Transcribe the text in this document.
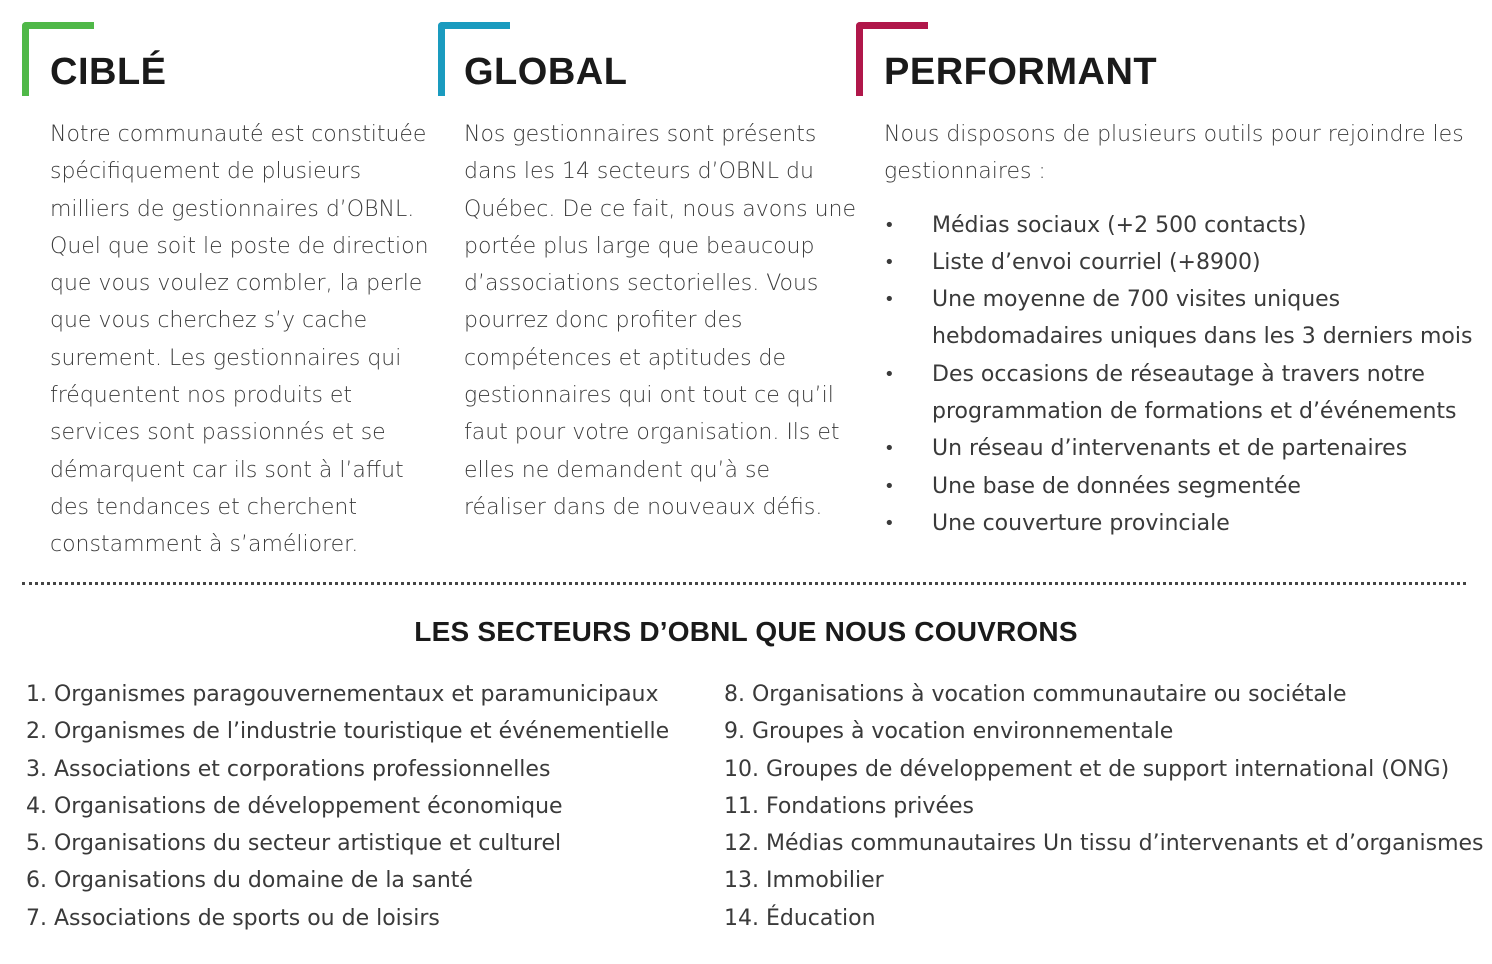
CIBLÉ

Notre communauté est constituée spécifiquement de plusieurs milliers de gestionnaires d’OBNL. Quel que soit le poste de direction que vous voulez combler, la perle que vous cherchez s’y cache surement. Les gestionnaires qui fréquentent nos produits et services sont passionnés et se démarquent car ils sont à l’affut des tendances et cherchent constamment à s’améliorer.

GLOBAL

Nos gestionnaires sont présents dans les 14 secteurs d’OBNL du Québec. De ce fait, nous avons une portée plus large que beaucoup d’associations sectorielles. Vous pourrez donc profiter des compétences et aptitudes de gestionnaires qui ont tout ce qu’il faut pour votre organisation. Ils et elles ne demandent qu’à se réaliser dans de nouveaux défis.

PERFORMANT

Nous disposons de plusieurs outils pour rejoindre les gestionnaires :

•	Médias sociaux (+2 500 contacts)
•	Liste d’envoi courriel (+8900)
•	Une moyenne de 700 visites uniques hebdomadaires uniques dans les 3 derniers mois
•	Des occasions de réseautage à travers notre programmation de formations et d’événements
•	Un réseau d’intervenants et de partenaires
•	Une base de données segmentée
•	Une couverture provinciale
LES SECTEURS D’OBNL QUE NOUS COUVRONS
1. Organismes paragouvernementaux et paramunicipaux
2. Organismes de l’industrie touristique et événementielle
3. Associations et corporations professionnelles
4. Organisations de développement économique
5. Organisations du secteur artistique et culturel
6. Organisations du domaine de la santé
7. Associations de sports ou de loisirs
8. Organisations à vocation communautaire ou sociétale
9. Groupes à vocation environnementale
10. Groupes de développement et de support international (ONG)
11. Fondations privées
12. Médias communautaires Un tissu d’intervenants et d’organismes
13. Immobilier
14. Éducation
